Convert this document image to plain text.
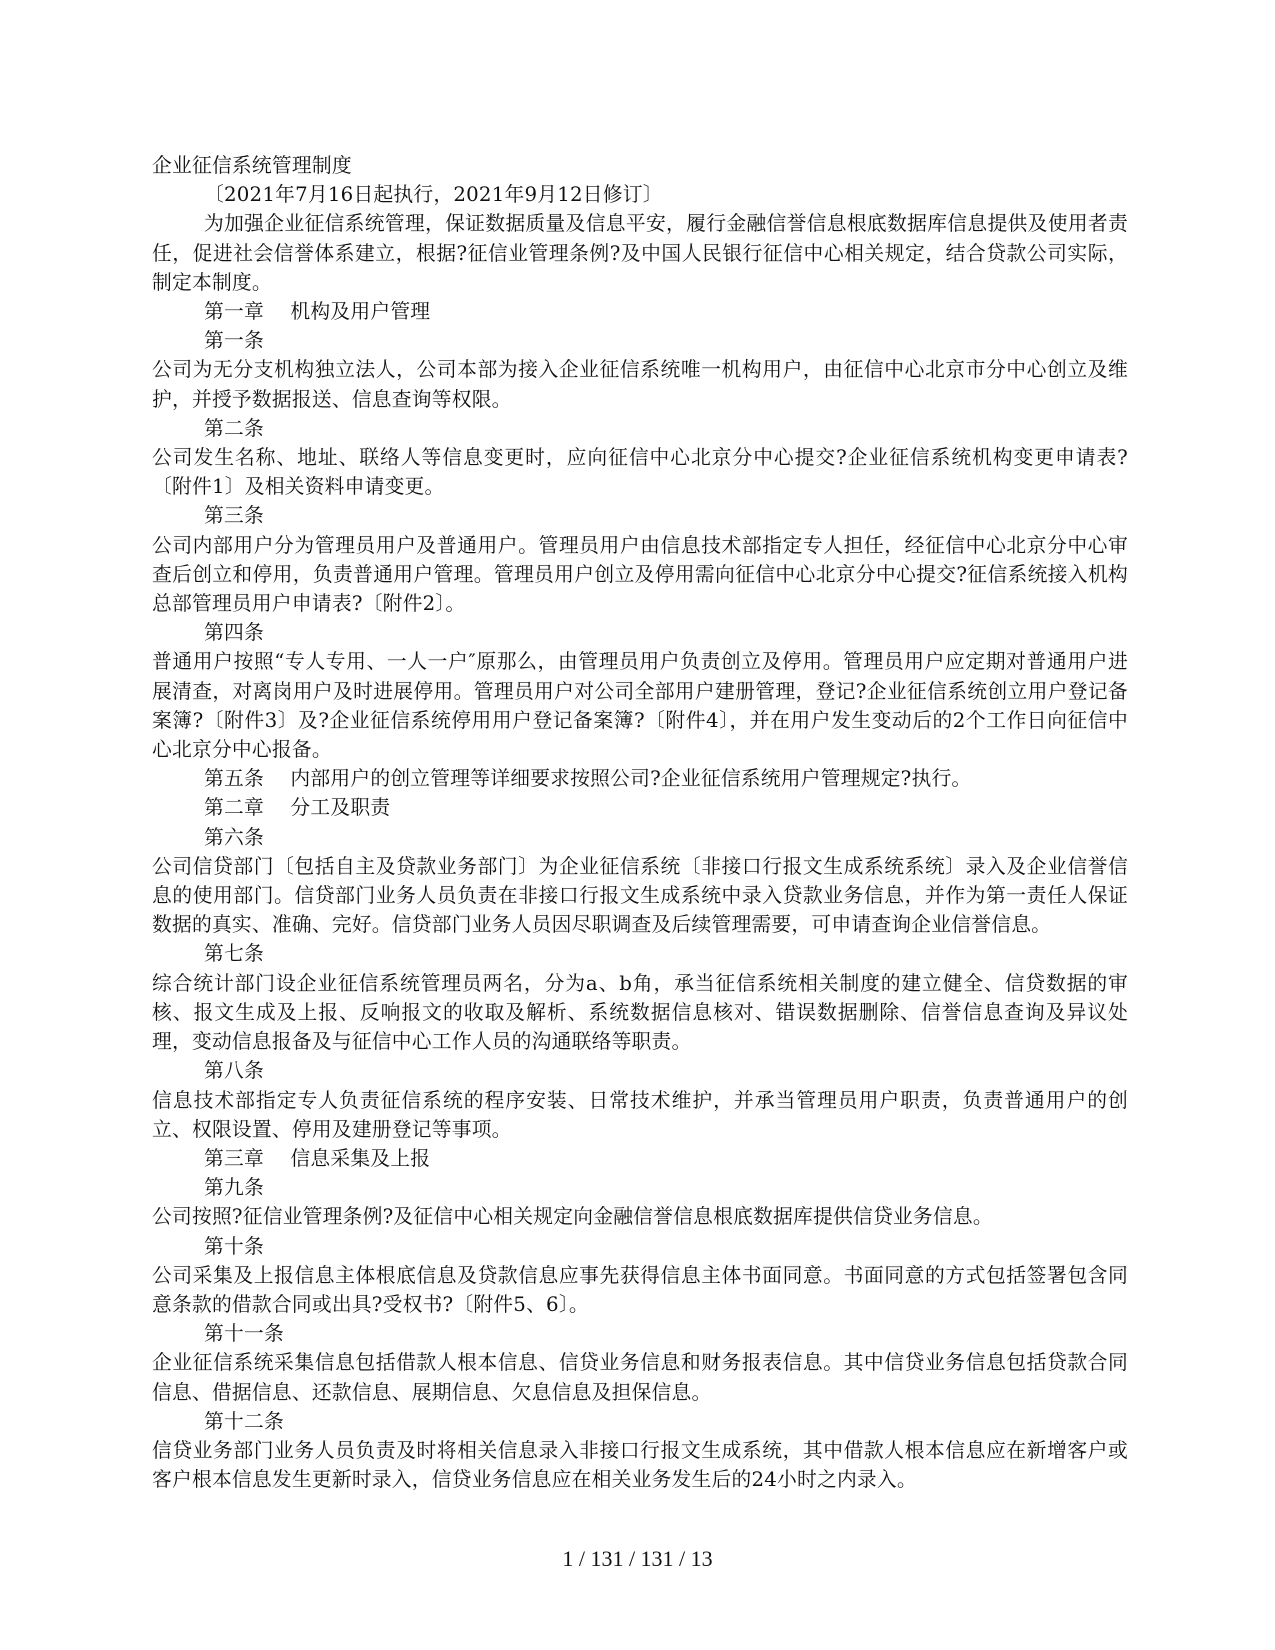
企业征信系统管理制度

〔2021年7月16日起执行，2021年9月12日修订〕

为加强企业征信系统管理，保证数据质量及信息平安，履行金融信誉信息根底数据库信息提供及使用者责任，促进社会信誉体系建立，根据?征信业管理条例?及中国人民银行征信中心相关规定，结合贷款公司实际，制定本制度。

第一章　 机构及用户管理

第一条

公司为无分支机构独立法人，公司本部为接入企业征信系统唯一机构用户，由征信中心北京市分中心创立及维护，并授予数据报送、信息查询等权限。

第二条

公司发生名称、地址、联络人等信息变更时，应向征信中心北京分中心提交?企业征信系统机构变更申请表?〔附件1〕及相关资料申请变更。

第三条

公司内部用户分为管理员用户及普通用户。管理员用户由信息技术部指定专人担任，经征信中心北京分中心审查后创立和停用，负责普通用户管理。管理员用户创立及停用需向征信中心北京分中心提交?征信系统接入机构总部管理员用户申请表?〔附件2〕。

第四条

普通用户按照“专人专用、一人一户″原那么，由管理员用户负责创立及停用。管理员用户应定期对普通用户进展清查，对离岗用户及时进展停用。管理员用户对公司全部用户建册管理，登记?企业征信系统创立用户登记备案簿?〔附件3〕及?企业征信系统停用用户登记备案簿?〔附件4〕，并在用户发生变动后的2个工作日向征信中心北京分中心报备。

第五条　 内部用户的创立管理等详细要求按照公司?企业征信系统用户管理规定?执行。

第二章　 分工及职责

第六条

公司信贷部门〔包括自主及贷款业务部门〕为企业征信系统〔非接口行报文生成系统系统〕录入及企业信誉信息的使用部门。信贷部门业务人员负责在非接口行报文生成系统中录入贷款业务信息，并作为第一责任人保证数据的真实、准确、完好。信贷部门业务人员因尽职调查及后续管理需要，可申请查询企业信誉信息。

第七条

综合统计部门设企业征信系统管理员两名，分为a、b角，承当征信系统相关制度的建立健全、信贷数据的审核、报文生成及上报、反响报文的收取及解析、系统数据信息核对、错误数据删除、信誉信息查询及异议处理，变动信息报备及与征信中心工作人员的沟通联络等职责。

第八条

信息技术部指定专人负责征信系统的程序安装、日常技术维护，并承当管理员用户职责，负责普通用户的创立、权限设置、停用及建册登记等事项。

第三章　 信息采集及上报

第九条

公司按照?征信业管理条例?及征信中心相关规定向金融信誉信息根底数据库提供信贷业务信息。

第十条

公司采集及上报信息主体根底信息及贷款信息应事先获得信息主体书面同意。书面同意的方式包括签署包含同意条款的借款合同或出具?受权书?〔附件5、6〕。

第十一条

企业征信系统采集信息包括借款人根本信息、信贷业务信息和财务报表信息。其中信贷业务信息包括贷款合同信息、借据信息、还款信息、展期信息、欠息信息及担保信息。

第十二条

信贷业务部门业务人员负责及时将相关信息录入非接口行报文生成系统，其中借款人根本信息应在新增客户或客户根本信息发生更新时录入，信贷业务信息应在相关业务发生后的24小时之内录入。

1 / 131 / 131 / 13
